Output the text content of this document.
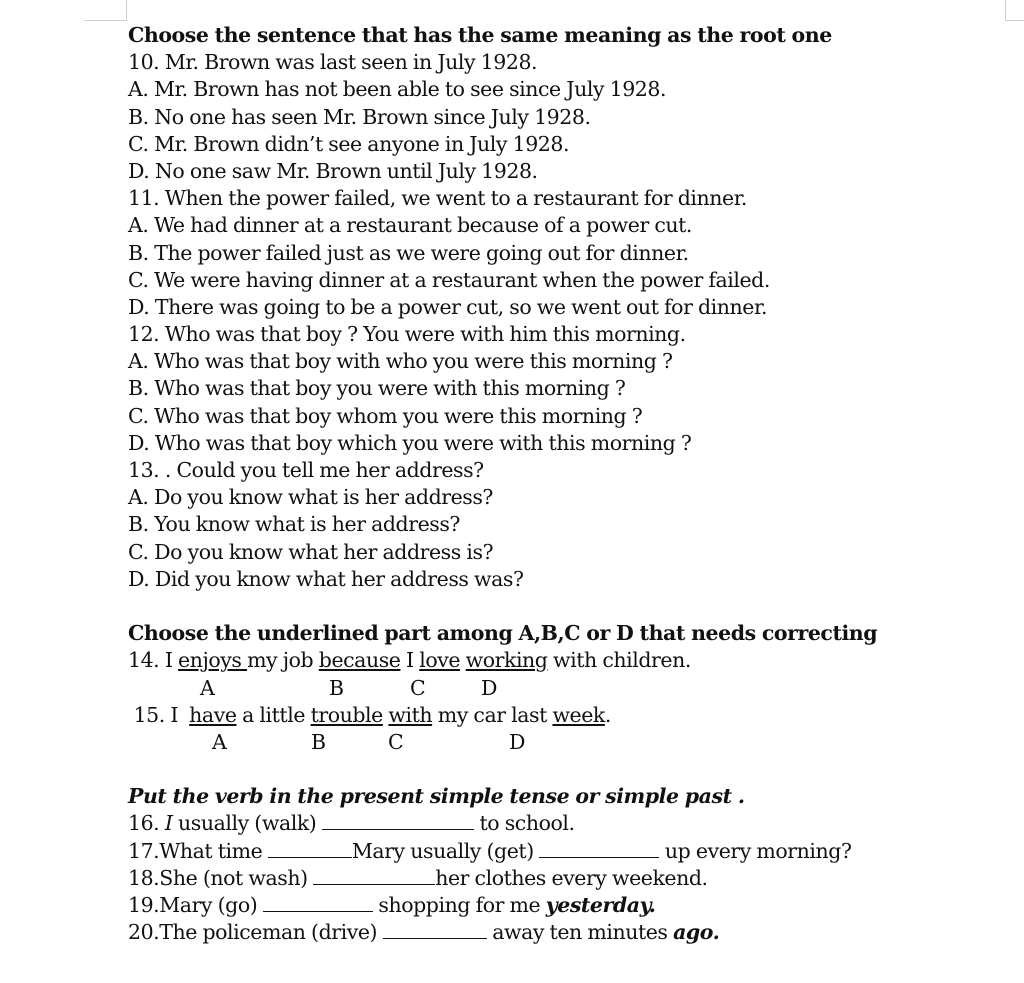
Choose the sentence that has the same meaning as the root one
10. Mr. Brown was last seen in July 1928.
A. Mr. Brown has not been able to see since July 1928.
B. No one has seen Mr. Brown since July 1928.
C. Mr. Brown didn’t see anyone in July 1928.
D. No one saw Mr. Brown until July 1928.
11. When the power failed, we went to a restaurant for dinner.
A. We had dinner at a restaurant because of a power cut.
B. The power failed just as we were going out for dinner.
C. We were having dinner at a restaurant when the power failed.
D. There was going to be a power cut, so we went out for dinner.
12. Who was that boy ? You were with him this morning.
A. Who was that boy with who you were this morning ?
B. Who was that boy you were with this morning ?
C. Who was that boy whom you were this morning ?
D. Who was that boy which you were with this morning ?
13. . Could you tell me her address?
A. Do you know what is her address?
B. You know what is her address?
C. Do you know what her address is?
D. Did you know what her address was?
Choose the underlined part among A,B,C or D that needs correcting
14. I enjoys my job because I love working with children.
A	B	C	D
15. I  have a little trouble with my car last week.
A	B	C	D
Put the verb in the present simple tense or simple past .
16. I usually (walk)	to school.
17.What time	Mary usually (get)	up every morning?
18.She (not wash)	her clothes every weekend.
19.Mary (go)	shopping for me yesterday.
20.The policeman (drive)	away ten minutes ago.
